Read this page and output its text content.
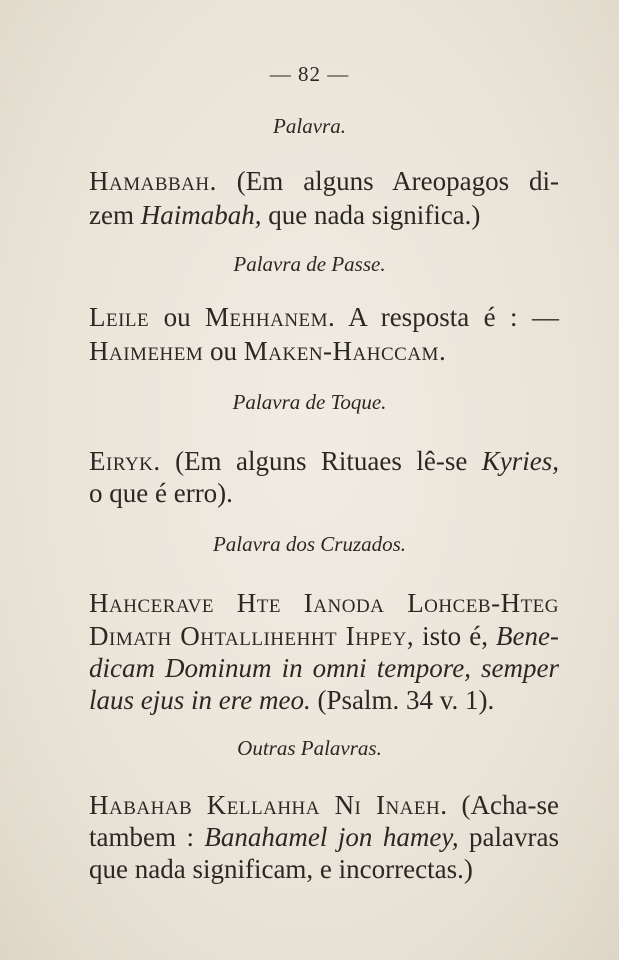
— 82 —
Palavra.
Hamabbah. (Em alguns Areopagos di-
zem Haimabah, que nada significa.)
Palavra de Passe.
Leile ou Mehhanem. A resposta é : —
Haimehem ou Maken-Hahccam.
Palavra de Toque.
Eiryk. (Em alguns Rituaes lê-se Kyries,
o que é erro).
Palavra dos Cruzados.
Hahcerave Hte Ianoda Lohceb-Hteg
Dimath Ohtallihehht Ihpey, isto é, Bene-
dicam Dominum in omni tempore, semper
laus ejus in ere meo. (Psalm. 34 v. 1).
Outras Palavras.
Habahab Kellahha Ni Inaeh. (Acha-se
tambem : Banahamel jon hamey, palavras
que nada significam, e incorrectas.)
